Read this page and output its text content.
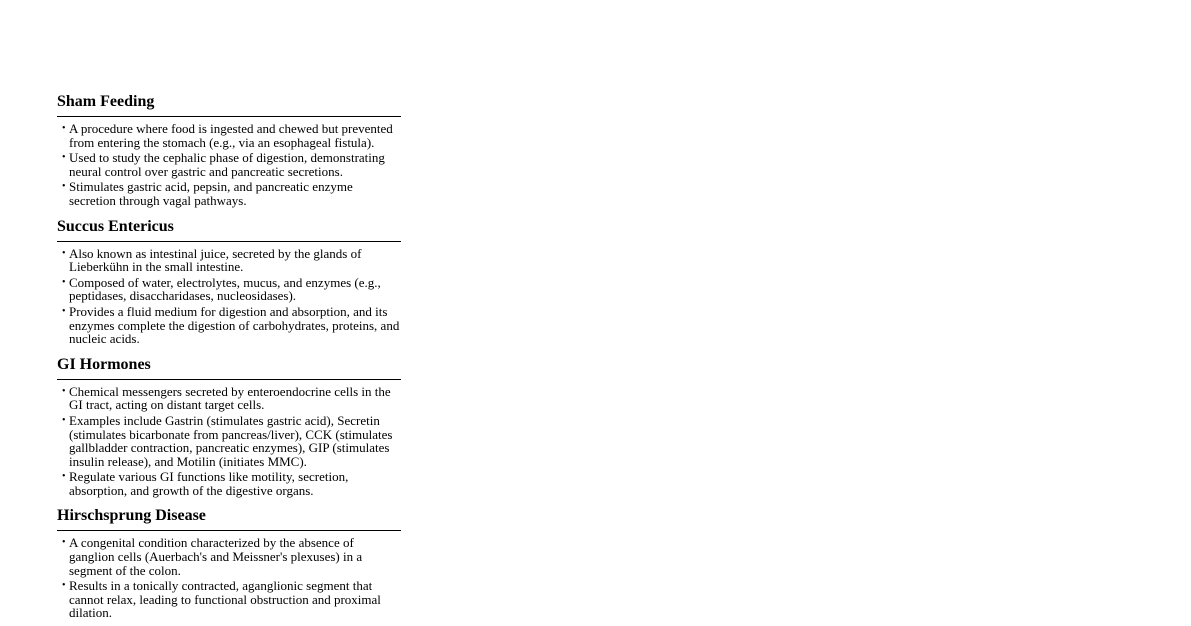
Sham Feeding
• A procedure where food is ingested and chewed but prevented from entering the stomach (e.g., via an esophageal fistula).
• Used to study the cephalic phase of digestion, demonstrating neural control over gastric and pancreatic secretions.
• Stimulates gastric acid, pepsin, and pancreatic enzyme secretion through vagal pathways.
Succus Entericus
• Also known as intestinal juice, secreted by the glands of Lieberkühn in the small intestine.
• Composed of water, electrolytes, mucus, and enzymes (e.g., peptidases, disaccharidases, nucleosidases).
• Provides a fluid medium for digestion and absorption, and its enzymes complete the digestion of carbohydrates, proteins, and nucleic acids.
GI Hormones
• Chemical messengers secreted by enteroendocrine cells in the GI tract, acting on distant target cells.
• Examples include Gastrin (stimulates gastric acid), Secretin (stimulates bicarbonate from pancreas/liver), CCK (stimulates gallbladder contraction, pancreatic enzymes), GIP (stimulates insulin release), and Motilin (initiates MMC).
• Regulate various GI functions like motility, secretion, absorption, and growth of the digestive organs.
Hirschsprung Disease
• A congenital condition characterized by the absence of ganglion cells (Auerbach's and Meissner's plexuses) in a segment of the colon.
• Results in a tonically contracted, aganglionic segment that cannot relax, leading to functional obstruction and proximal dilation.
